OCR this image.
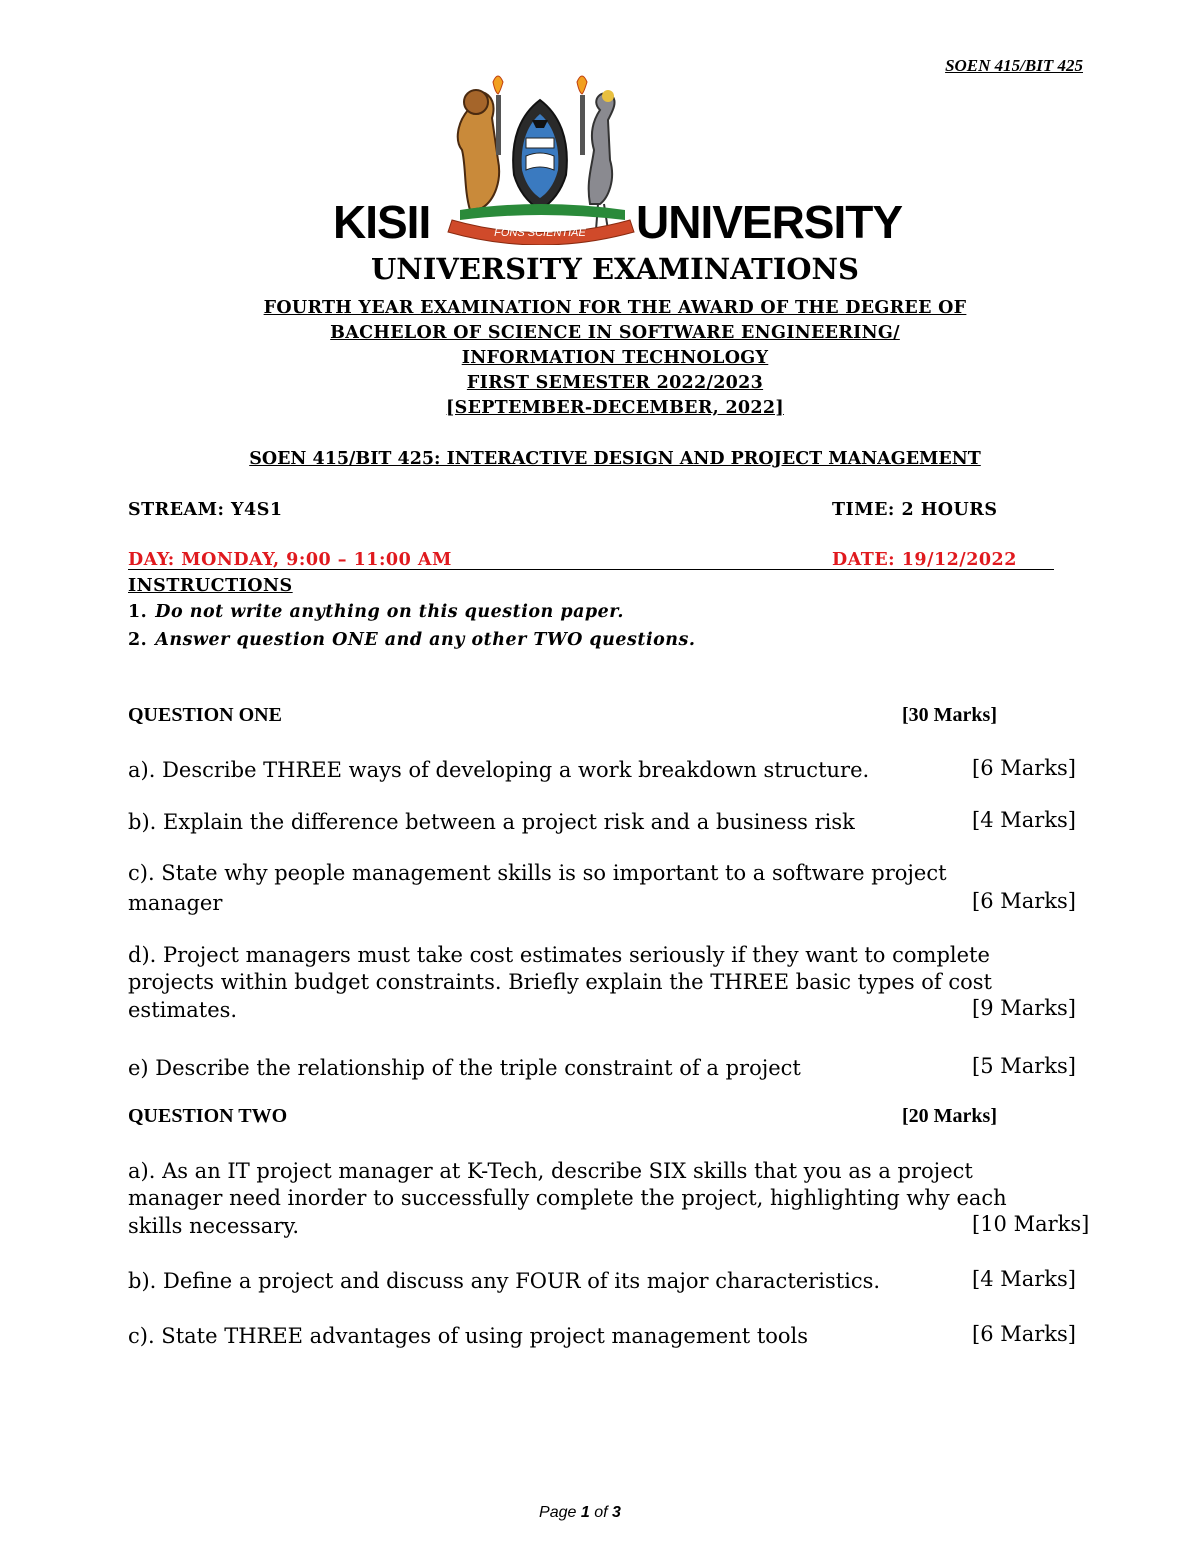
SOEN 415/BIT 425
FONS SCIENTIAE
KISII	UNIVERSITY
UNIVERSITY EXAMINATIONS
FOURTH YEAR EXAMINATION FOR THE AWARD OF THE DEGREE OF
BACHELOR OF SCIENCE IN SOFTWARE ENGINEERING/
INFORMATION TECHNOLOGY
FIRST SEMESTER 2022/2023
[SEPTEMBER-DECEMBER, 2022]
SOEN 415/BIT 425: INTERACTIVE DESIGN AND PROJECT MANAGEMENT
STREAM: Y4S1	TIME: 2 HOURS
DAY: MONDAY, 9:00 – 11:00 AM	DATE: 19/12/2022
INSTRUCTIONS
1. Do not write anything on this question paper.
2. Answer question ONE and any other TWO questions.
QUESTION ONE	[30 Marks]
a). Describe THREE ways of developing a work breakdown structure.	[6 Marks]
b). Explain the difference between a project risk and a business risk	[4 Marks]
c). State why people management skills is so important to a software project
manager	[6 Marks]
d). Project managers must take cost estimates seriously if they want to complete
projects within budget constraints. Briefly explain the THREE basic types of cost
estimates.	[9 Marks]
e) Describe the relationship of the triple constraint of a project	[5 Marks]
QUESTION TWO	[20 Marks]
a). As an IT project manager at K-Tech, describe SIX skills that you as a project
manager need inorder to successfully complete the project, highlighting why each
skills necessary.	[10 Marks]
b). Define a project and discuss any FOUR of its major characteristics.	[4 Marks]
c). State THREE advantages of using project management tools	[6 Marks]
Page 1 of 3
